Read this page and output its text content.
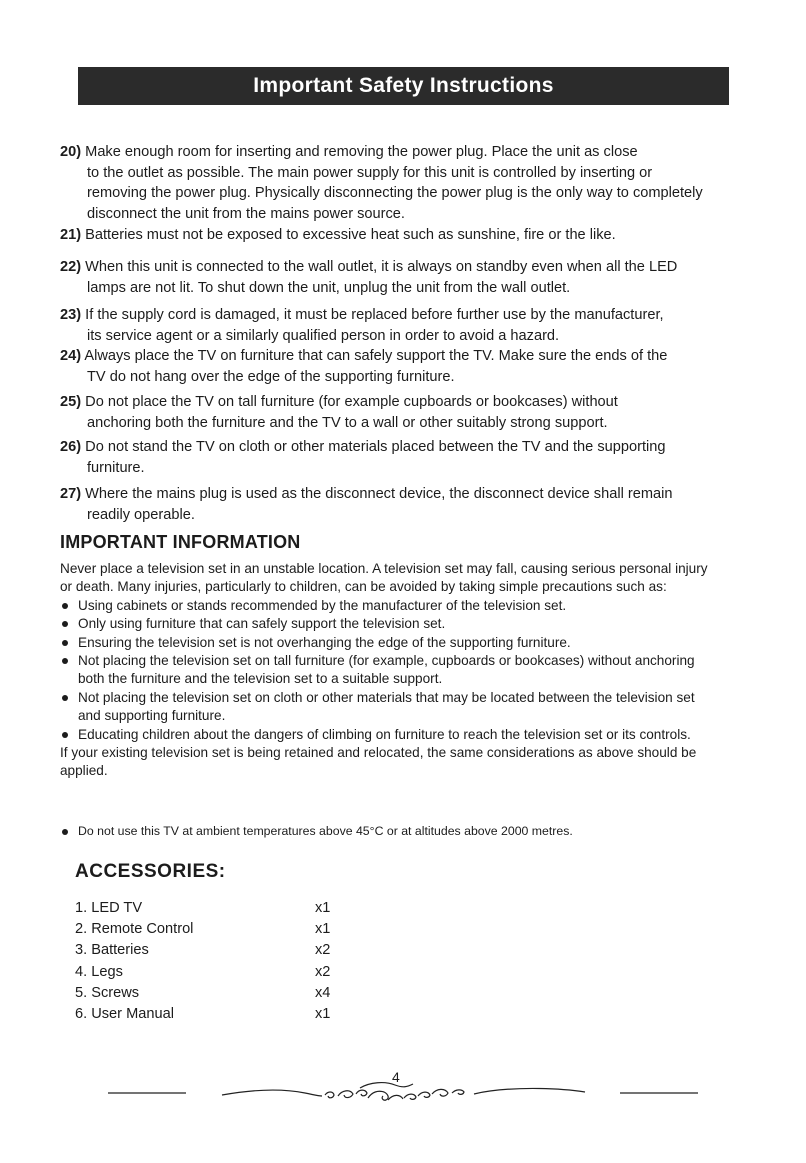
Important Safety Instructions
20) Make enough room for inserting and removing the power plug. Place the unit as close
to the outlet as possible. The main power supply for this unit is controlled by inserting or
removing the power plug. Physically disconnecting the power plug is the only way to completely
disconnect the unit from the mains power source.
21) Batteries must not be exposed to excessive heat such as sunshine, fire or the like.
22) When this unit is connected to the wall outlet, it is always on standby even when all the LED
lamps are not lit. To shut down the unit, unplug the unit from the wall outlet.
23) If the supply cord is damaged, it must be replaced before further use by the manufacturer,
its service agent or a similarly qualified person in order to avoid a hazard.
24) Always place the TV on furniture that can safely support the TV. Make sure the ends of the
TV do not hang over the edge of the supporting furniture.
25) Do not place the TV on tall furniture (for example cupboards or bookcases) without
anchoring both the furniture and the TV to a wall or other suitably strong support.
26) Do not stand the TV on cloth or other materials placed between the TV and the supporting
furniture.
27) Where the mains plug is used as the disconnect device, the disconnect device shall remain
readily operable.
IMPORTANT INFORMATION

Never place a television set in an unstable location. A television set may fall, causing serious personal injury or death. Many injuries, particularly to children, can be avoided by taking simple precautions such as:

Using cabinets or stands recommended by the manufacturer of the television set.
Only using furniture that can safely support the television set.
Ensuring the television set is not overhanging the edge of the supporting furniture.
Not placing the television set on tall furniture (for example, cupboards or bookcases) without anchoring both the furniture and the television set to a suitable support.
Not placing the television set on cloth or other materials that may be located between the television set and supporting furniture.
Educating children about the dangers of climbing on furniture to reach the television set or its controls.

If your existing television set is being retained and relocated, the same considerations as above should be applied.

Do not use this TV at ambient temperatures above 45°C or at altitudes above 2000 metres.
ACCESSORIES:
1. LED TV	x1
2. Remote Control	x1
3. Batteries	x2
4. Legs	x2
5. Screws	x4
6. User Manual	x1
4
